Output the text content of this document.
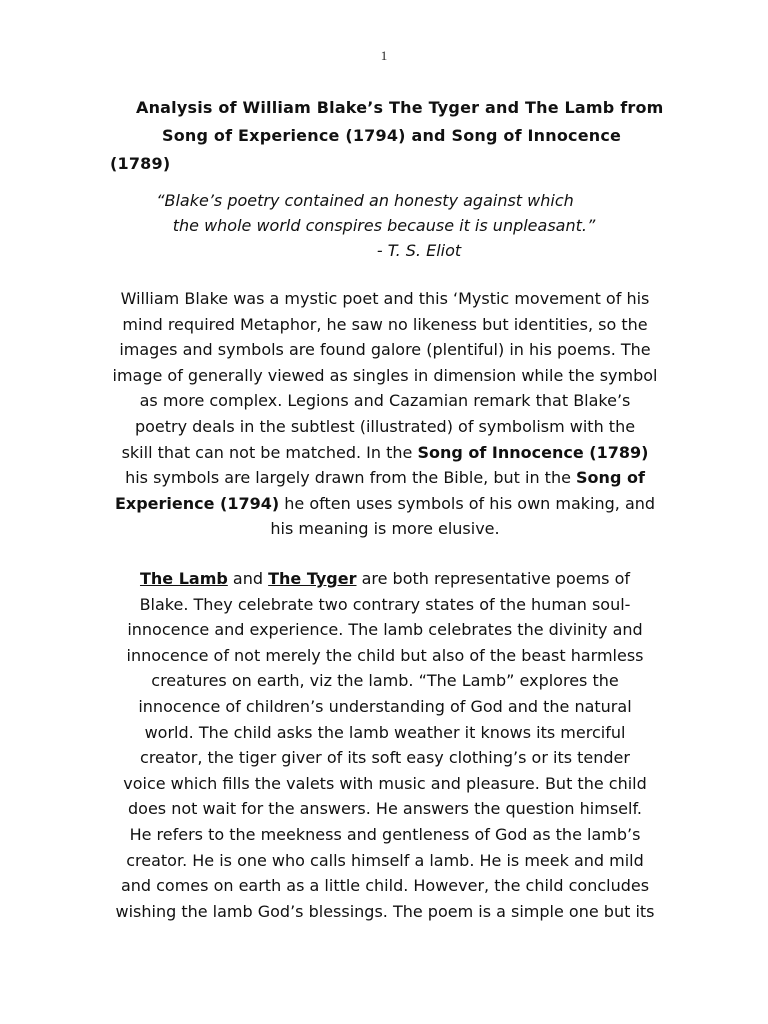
1
Analysis of William Blake’s The Tyger and The Lamb from
Song of Experience (1794) and Song of Innocence (1789)
“Blake’s poetry contained an honesty against which
the whole world conspires because it is unpleasant.”
- T. S. Eliot
William Blake was a mystic poet and this ‘Mystic movement of his
mind required Metaphor, he saw no likeness but identities, so the
images and symbols are found galore (plentiful) in his poems. The
image of generally viewed as singles in dimension while the symbol
as more complex. Legions and Cazamian remark that Blake’s
poetry deals in the subtlest (illustrated) of symbolism with the
skill that can not be matched. In the Song of Innocence (1789)
his symbols are largely drawn from the Bible, but in the Song of
Experience (1794) he often uses symbols of his own making, and
his meaning is more elusive.
The Lamb and The Tyger are both representative poems of
Blake. They celebrate two contrary states of the human soul-
innocence and experience. The lamb celebrates the divinity and
innocence of not merely the child but also of the beast harmless
creatures on earth, viz the lamb. “The Lamb” explores the
innocence of children’s understanding of God and the natural
world. The child asks the lamb weather it knows its merciful
creator, the tiger giver of its soft easy clothing’s or its tender
voice which fills the valets with music and pleasure. But the child
does not wait for the answers. He answers the question himself.
He refers to the meekness and gentleness of God as the lamb’s
creator. He is one who calls himself a lamb. He is meek and mild
and comes on earth as a little child. However, the child concludes
wishing the lamb God’s blessings. The poem is a simple one but its
